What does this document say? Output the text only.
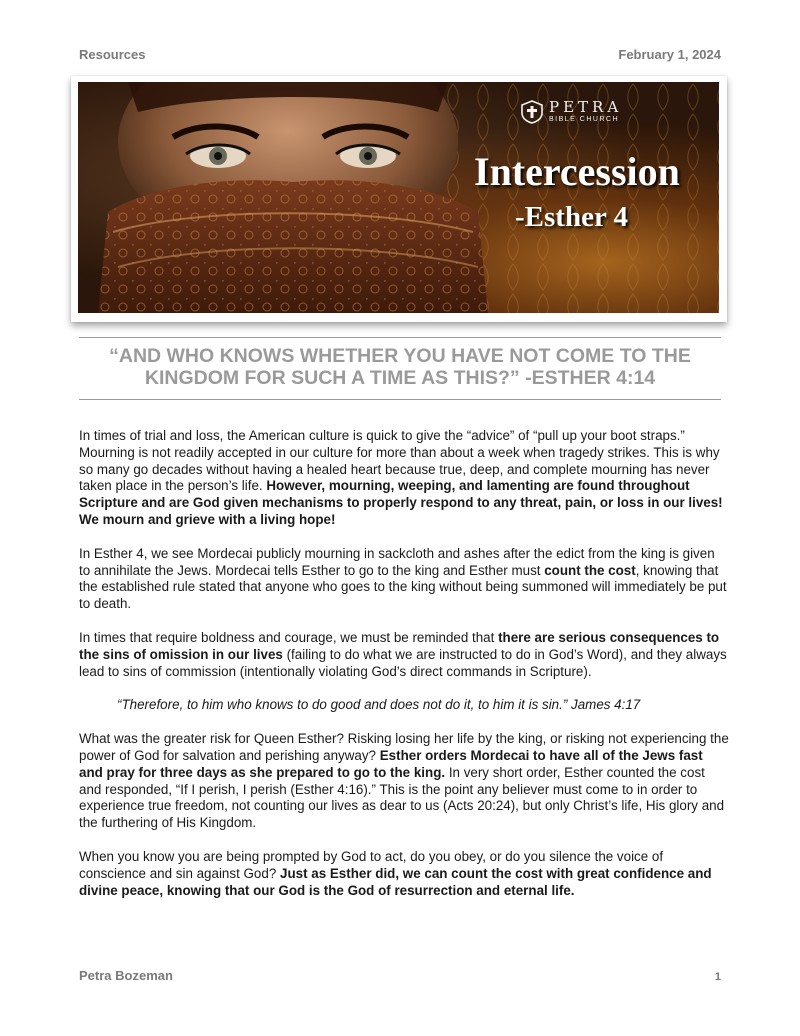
Resources	February 1, 2024
PETRA
BIBLE CHURCH
Intercession
-Esther 4
“AND WHO KNOWS WHETHER YOU HAVE NOT COME TO THE
KINGDOM FOR SUCH A TIME AS THIS?” -ESTHER 4:14

In times of trial and loss, the American culture is quick to give the “advice” of “pull up your boot straps.” Mourning is not readily accepted in our culture for more than about a week when tragedy strikes. This is why so many go decades without having a healed heart because true, deep, and complete mourning has never taken place in the person’s life. However, mourning, weeping, and lamenting are found throughout Scripture and are God given mechanisms to properly respond to any threat, pain, or loss in our lives! We mourn and grieve with a living hope!

In Esther 4, we see Mordecai publicly mourning in sackcloth and ashes after the edict from the king is given to annihilate the Jews. Mordecai tells Esther to go to the king and Esther must count the cost, knowing that the established rule stated that anyone who goes to the king without being summoned will immediately be put to death.

In times that require boldness and courage, we must be reminded that there are serious consequences to the sins of omission in our lives (failing to do what we are instructed to do in God’s Word), and they always lead to sins of commission (intentionally violating God’s direct commands in Scripture).

“Therefore, to him who knows to do good and does not do it, to him it is sin.” James 4:17

What was the greater risk for Queen Esther? Risking losing her life by the king, or risking not experiencing the power of God for salvation and perishing anyway? Esther orders Mordecai to have all of the Jews fast and pray for three days as she prepared to go to the king. In very short order, Esther counted the cost and responded, “If I perish, I perish (Esther 4:16).” This is the point any believer must come to in order to experience true freedom, not counting our lives as dear to us (Acts 20:24), but only Christ’s life, His glory and the furthering of His Kingdom.

When you know you are being prompted by God to act, do you obey, or do you silence the voice of conscience and sin against God? Just as Esther did, we can count the cost with great confidence and divine peace, knowing that our God is the God of resurrection and eternal life.

Petra Bozeman	1
